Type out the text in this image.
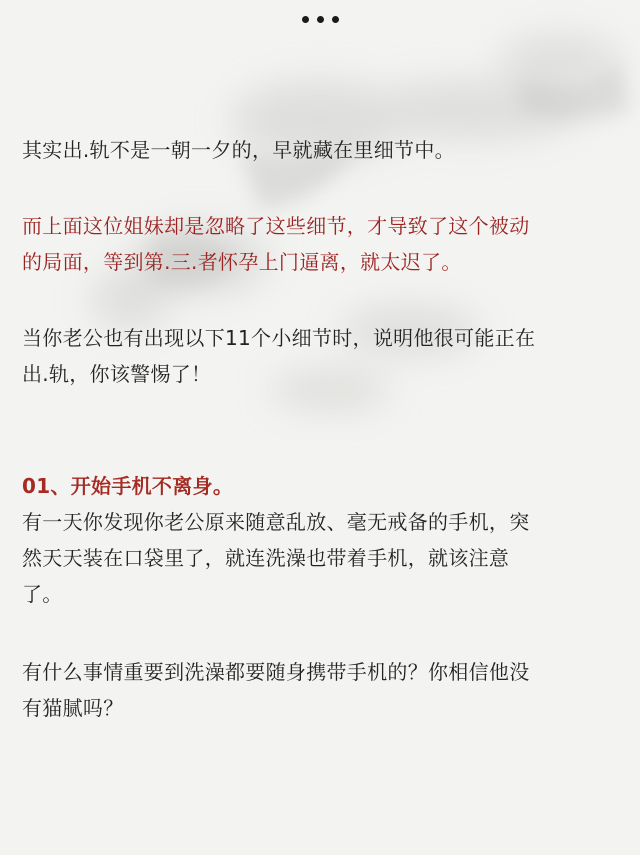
其实出.轨不是一朝一夕的，早就藏在里细节中。

而上面这位姐妹却是忽略了这些细节，才导致了这个被动
的局面，等到第.三.者怀孕上门逼离，就太迟了。

当你老公也有出现以下11个小细节时，说明他很可能正在
出.轨，你该警惕了！

01、开始手机不离身。
有一天你发现你老公原来随意乱放、毫无戒备的手机，突
然天天装在口袋里了，就连洗澡也带着手机，就该注意
了。

有什么事情重要到洗澡都要随身携带手机的？你相信他没
有猫腻吗？
